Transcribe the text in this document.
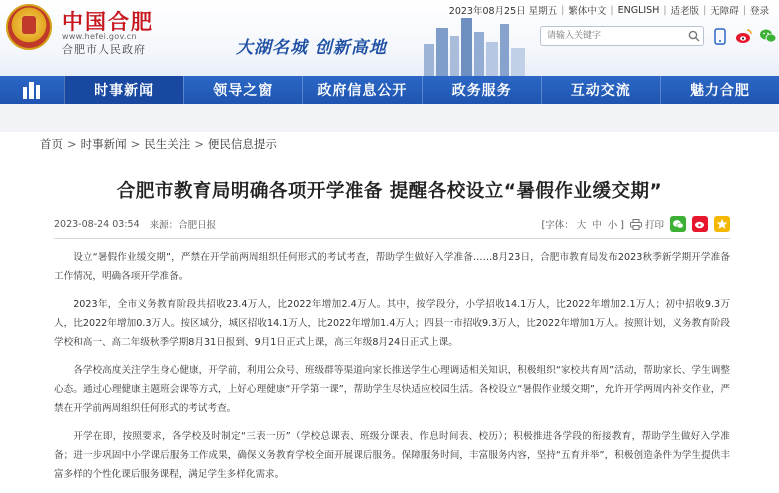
中国合肥
www.hefei.gov.cn
合肥市人民政府	大湖名城 创新高地
2023年08月25日 星期五 | 繁体中文 | ENGLISH | 适老版 | 无障碍 | 登录
请输入关键字
时事新闻	领导之窗	政府信息公开	政务服务	互动交流	魅力合肥
首页 > 时事新闻 > 民生关注 > 便民信息提示
合肥市教育局明确各项开学准备 提醒各校设立“暑假作业缓交期”
2023-08-24 03:54 来源：合肥日报	[字体： 大 中 小 ] 打印

设立“暑假作业缓交期”，严禁在开学前两周组织任何形式的考试考查，帮助学生做好入学准备……8月23日，合肥市教育局发布2023秋季新学期开学准备工作情况，明确各项开学准备。

2023年，全市义务教育阶段共招收23.4万人，比2022年增加2.4万人。其中，按学段分，小学招收14.1万人，比2022年增加2.1万人；初中招收9.3万人，比2022年增加0.3万人。按区域分，城区招收14.1万人，比2022年增加1.4万人；四县一市招收9.3万人，比2022年增加1万人。按照计划，义务教育阶段学校和高一、高二年级秋季学期8月31日报到、9月1日正式上课，高三年级8月24日正式上课。

各学校高度关注学生身心健康，开学前，利用公众号、班级群等渠道向家长推送学生心理调适相关知识，积极组织“家校共育周”活动，帮助家长、学生调整心态。通过心理健康主题班会课等方式，上好心理健康“开学第一课”，帮助学生尽快适应校园生活。各校设立“暑假作业缓交期”，允许开学两周内补交作业，严禁在开学前两周组织任何形式的考试考查。

开学在即，按照要求，各学校及时制定“三表一历”（学校总课表、班级分课表、作息时间表、校历）；积极推进各学段的衔接教育，帮助学生做好入学准备；进一步巩固中小学课后服务工作成果，确保义务教育学校全面开展课后服务。保障服务时间，丰富服务内容，坚持“五育并举”，积极创造条件为学生提供丰富多样的个性化课后服务课程，满足学生多样化需求。
